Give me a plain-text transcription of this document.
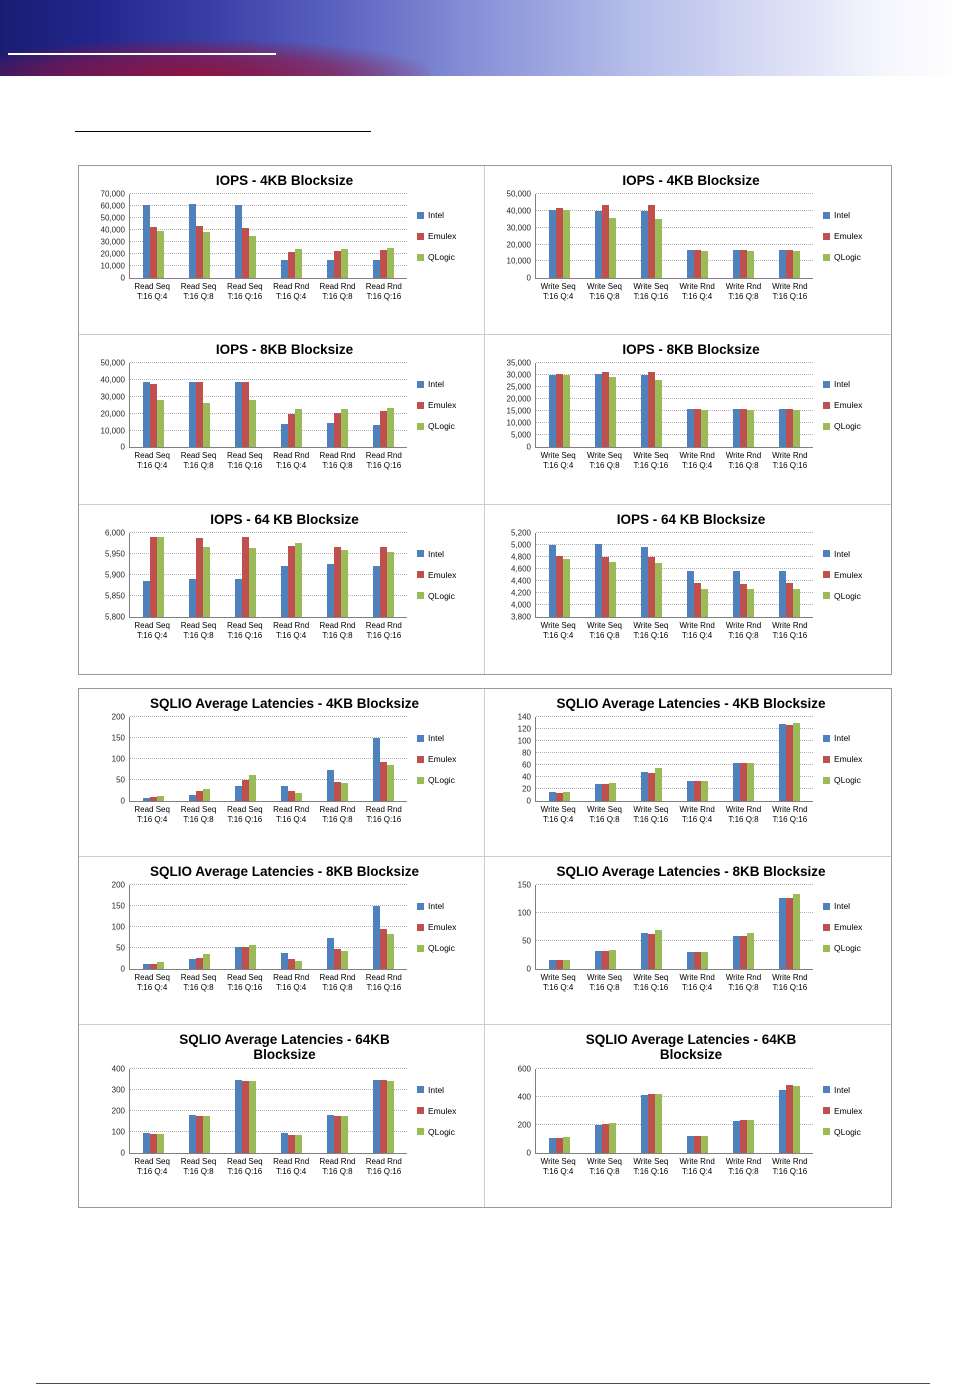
IOPS - 4KB Blocksize
0
10,000
20,000
30,000
40,000
50,000
60,000
70,000
Read Seq
T:16 Q:4
Read Seq
T:16 Q:8
Read Seq
T:16 Q:16
Read Rnd
T:16 Q:4
Read Rnd
T:16 Q:8
Read Rnd
T:16 Q:16
Intel
Emulex
QLogic
IOPS - 4KB Blocksize
0
10,000
20,000
30,000
40,000
50,000
Write Seq
T:16 Q:4
Write Seq
T:16 Q:8
Write Seq
T:16 Q:16
Write Rnd
T:16 Q:4
Write Rnd
T:16 Q:8
Write Rnd
T:16 Q:16
Intel
Emulex
QLogic
IOPS - 8KB Blocksize
0
10,000
20,000
30,000
40,000
50,000
Read Seq
T:16 Q:4
Read Seq
T:16 Q:8
Read Seq
T:16 Q:16
Read Rnd
T:16 Q:4
Read Rnd
T:16 Q:8
Read Rnd
T:16 Q:16
Intel
Emulex
QLogic
IOPS - 8KB Blocksize
0
5,000
10,000
15,000
20,000
25,000
30,000
35,000
Write Seq
T:16 Q:4
Write Seq
T:16 Q:8
Write Seq
T:16 Q:16
Write Rnd
T:16 Q:4
Write Rnd
T:16 Q:8
Write Rnd
T:16 Q:16
Intel
Emulex
QLogic
IOPS - 64 KB Blocksize
5,800
5,850
5,900
5,950
6,000
Read Seq
T:16 Q:4
Read Seq
T:16 Q:8
Read Seq
T:16 Q:16
Read Rnd
T:16 Q:4
Read Rnd
T:16 Q:8
Read Rnd
T:16 Q:16
Intel
Emulex
QLogic
IOPS - 64 KB Blocksize
3,800
4,000
4,200
4,400
4,600
4,800
5,000
5,200
Write Seq
T:16 Q:4
Write Seq
T:16 Q:8
Write Seq
T:16 Q:16
Write Rnd
T:16 Q:4
Write Rnd
T:16 Q:8
Write Rnd
T:16 Q:16
Intel
Emulex
QLogic
SQLIO Average Latencies - 4KB Blocksize
0
50
100
150
200
Read Seq
T:16 Q:4
Read Seq
T:16 Q:8
Read Seq
T:16 Q:16
Read Rnd
T:16 Q:4
Read Rnd
T:16 Q:8
Read Rnd
T:16 Q:16
Intel
Emulex
QLogic
SQLIO Average Latencies - 4KB Blocksize
0
20
40
60
80
100
120
140
Write Seq
T:16 Q:4
Write Seq
T:16 Q:8
Write Seq
T:16 Q:16
Write Rnd
T:16 Q:4
Write Rnd
T:16 Q:8
Write Rnd
T:16 Q:16
Intel
Emulex
QLogic
SQLIO Average Latencies - 8KB Blocksize
0
50
100
150
200
Read Seq
T:16 Q:4
Read Seq
T:16 Q:8
Read Seq
T:16 Q:16
Read Rnd
T:16 Q:4
Read Rnd
T:16 Q:8
Read Rnd
T:16 Q:16
Intel
Emulex
QLogic
SQLIO Average Latencies - 8KB Blocksize
0
50
100
150
Write Seq
T:16 Q:4
Write Seq
T:16 Q:8
Write Seq
T:16 Q:16
Write Rnd
T:16 Q:4
Write Rnd
T:16 Q:8
Write Rnd
T:16 Q:16
Intel
Emulex
QLogic
SQLIO Average Latencies - 64KB
Blocksize
0
100
200
300
400
Read Seq
T:16 Q:4
Read Seq
T:16 Q:8
Read Seq
T:16 Q:16
Read Rnd
T:16 Q:4
Read Rnd
T:16 Q:8
Read Rnd
T:16 Q:16
Intel
Emulex
QLogic
SQLIO Average Latencies - 64KB
Blocksize
0
200
400
600
Write Seq
T:16 Q:4
Write Seq
T:16 Q:8
Write Seq
T:16 Q:16
Write Rnd
T:16 Q:4
Write Rnd
T:16 Q:8
Write Rnd
T:16 Q:16
Intel
Emulex
QLogic
